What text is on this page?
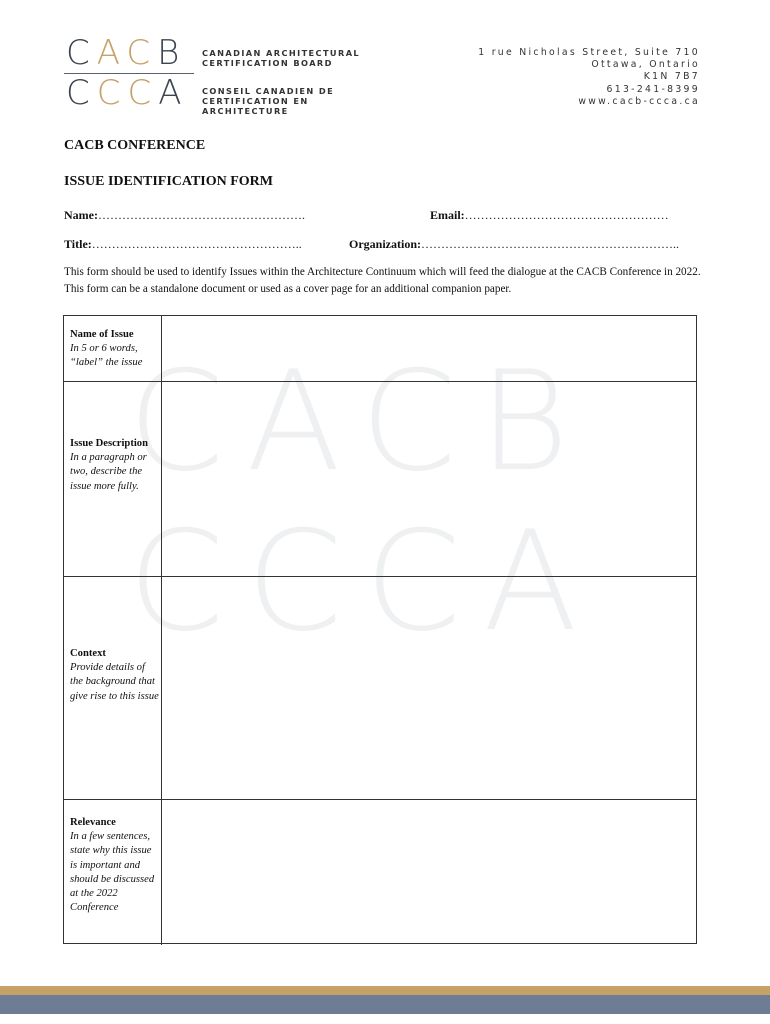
CACB
CCCA
CANADIAN ARCHITECTURAL
CERTIFICATION BOARD
CONSEIL CANADIEN DE
CERTIFICATION EN ARCHITECTURE
1 rue Nicholas Street, Suite 710
Ottawa, Ontario
K1N 7B7
613-241-8399
www.cacb-ccca.ca
CACB CONFERENCE
ISSUE IDENTIFICATION FORM
Name:…………………………………………….	Email:……………………………………………
Title:……………………………………………..	Organization:………………………………………………………..
This form should be used to identify Issues within the Architecture Continuum which will feed the dialogue at the CACB Conference in 2022. This form can be a standalone document or used as a cover page for an additional companion paper.
CACB
CCCA
Name of Issue
In 5 or 6 words, “label” the issue
Issue Description
In a paragraph or two, describe the issue more fully.
Context
Provide details of the background that give rise to this issue
Relevance
In a few sentences, state why this issue is important and should be discussed at the 2022 Conference
